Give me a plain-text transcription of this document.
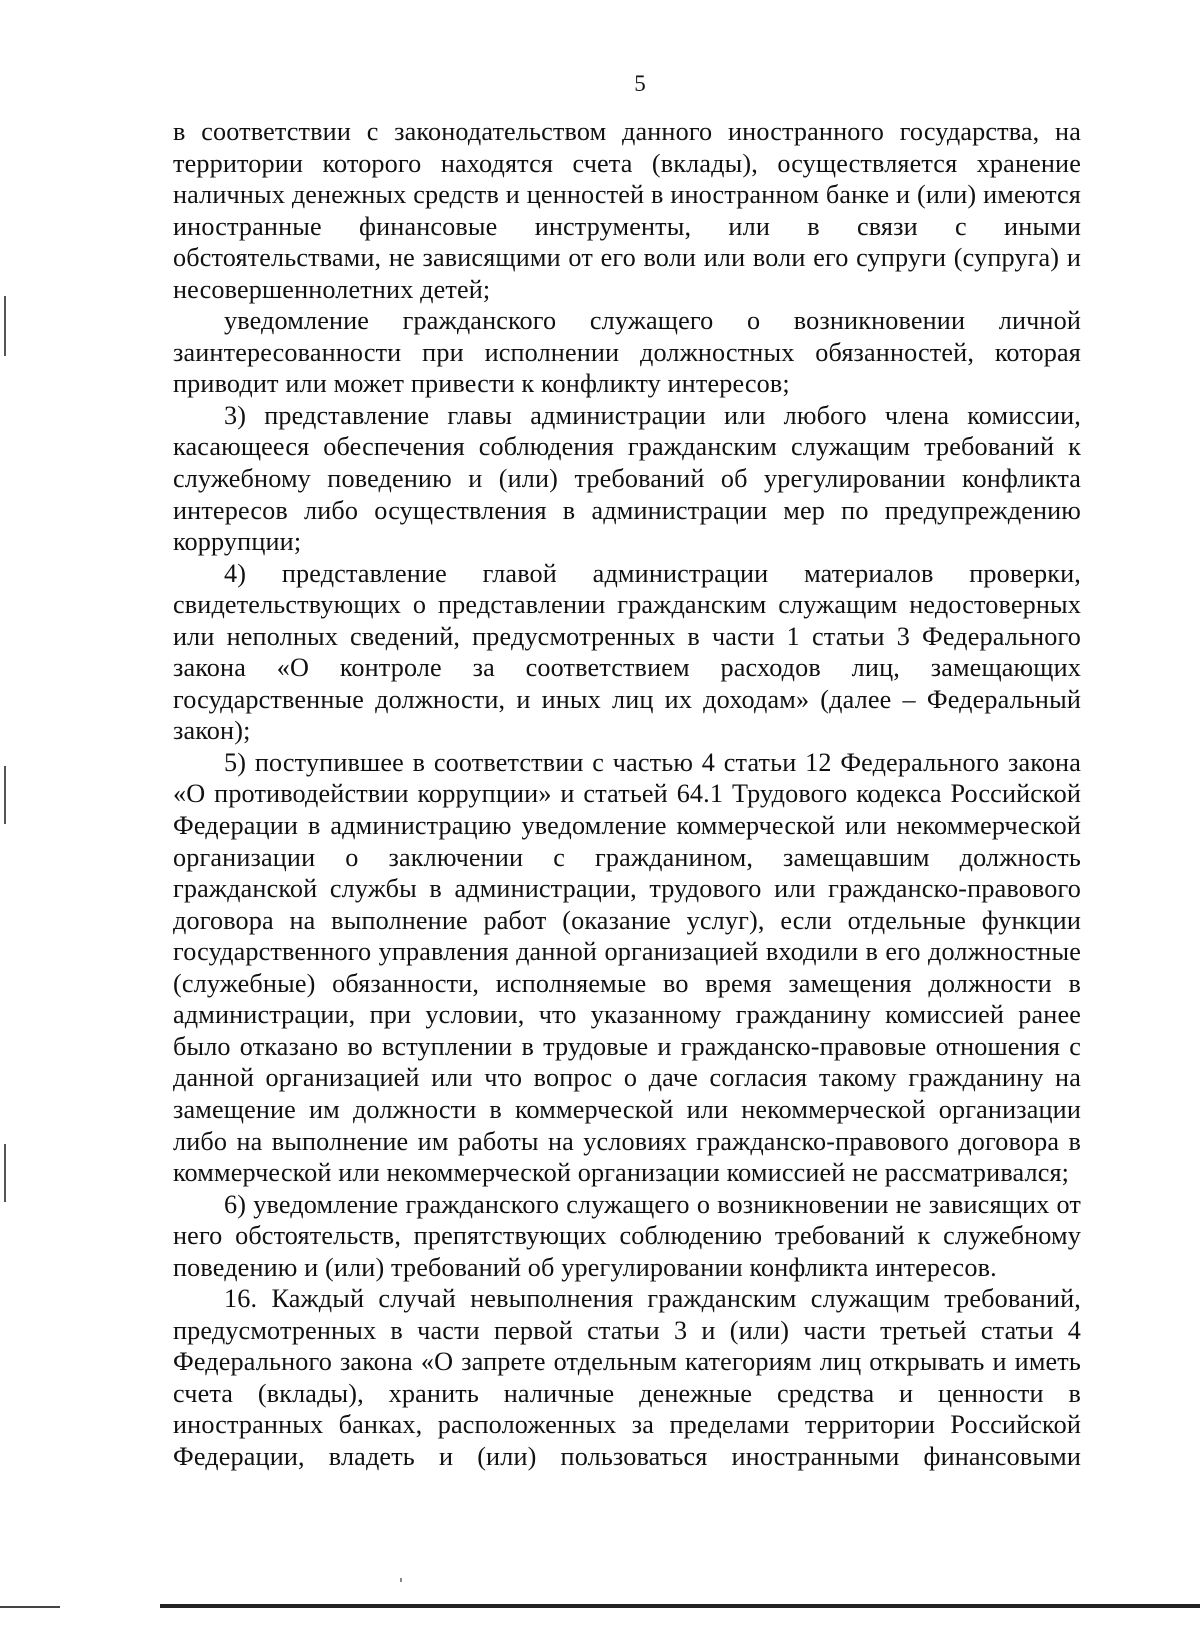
5

в соответствии с законодательством данного иностранного государства, на территории которого находятся счета (вклады), осуществляется хранение наличных денежных средств и ценностей в иностранном банке и (или) имеются иностранные финансовые инструменты, или в связи с иными обстоятельствами, не зависящими от его воли или воли его супруги (супруга) и несовершеннолетних детей;

уведомление гражданского служащего о возникновении личной заинтересованности при исполнении должностных обязанностей, которая приводит или может привести к конфликту интересов;

3) представление главы администрации или любого члена комиссии, касающееся обеспечения соблюдения гражданским служащим требований к служебному поведению и (или) требований об урегулировании конфликта интересов либо осуществления в администрации мер по предупреждению коррупции;

4) представление главой администрации материалов проверки, свидетельствующих о представлении гражданским служащим недостоверных или неполных сведений, предусмотренных в части 1 статьи 3 Федерального закона «О контроле за соответствием расходов лиц, замещающих государственные должности, и иных лиц их доходам» (далее – Федеральный закон);

5) поступившее в соответствии с частью 4 статьи 12 Федерального закона «О противодействии коррупции» и статьей 64.1 Трудового кодекса Российской Федерации в администрацию уведомление коммерческой или некоммерческой организации о заключении с гражданином, замещавшим должность гражданской службы в администрации, трудового или гражданско-правового договора на выполнение работ (оказание услуг), если отдельные функции государственного управления данной организацией входили в его должностные (служебные) обязанности, исполняемые во время замещения должности в администрации, при условии, что указанному гражданину комиссией ранее было отказано во вступлении в трудовые и гражданско-правовые отношения с данной организацией или что вопрос о даче согласия такому гражданину на замещение им должности в коммерческой или некоммерческой организации либо на выполнение им работы на условиях гражданско-правового договора в коммерческой или некоммерческой организации комиссией не рассматривался;

6) уведомление гражданского служащего о возникновении не зависящих от него обстоятельств, препятствующих соблюдению требований к служебному поведению и (или) требований об урегулировании конфликта интересов.

16. Каждый случай невыполнения гражданским служащим требований, предусмотренных в части первой статьи 3 и (или) части третьей статьи 4 Федерального закона «О запрете отдельным категориям лиц открывать и иметь счета (вклады), хранить наличные денежные средства и ценности в иностранных банках, расположенных за пределами территории Российской Федерации, владеть и (или) пользоваться иностранными финансовыми
